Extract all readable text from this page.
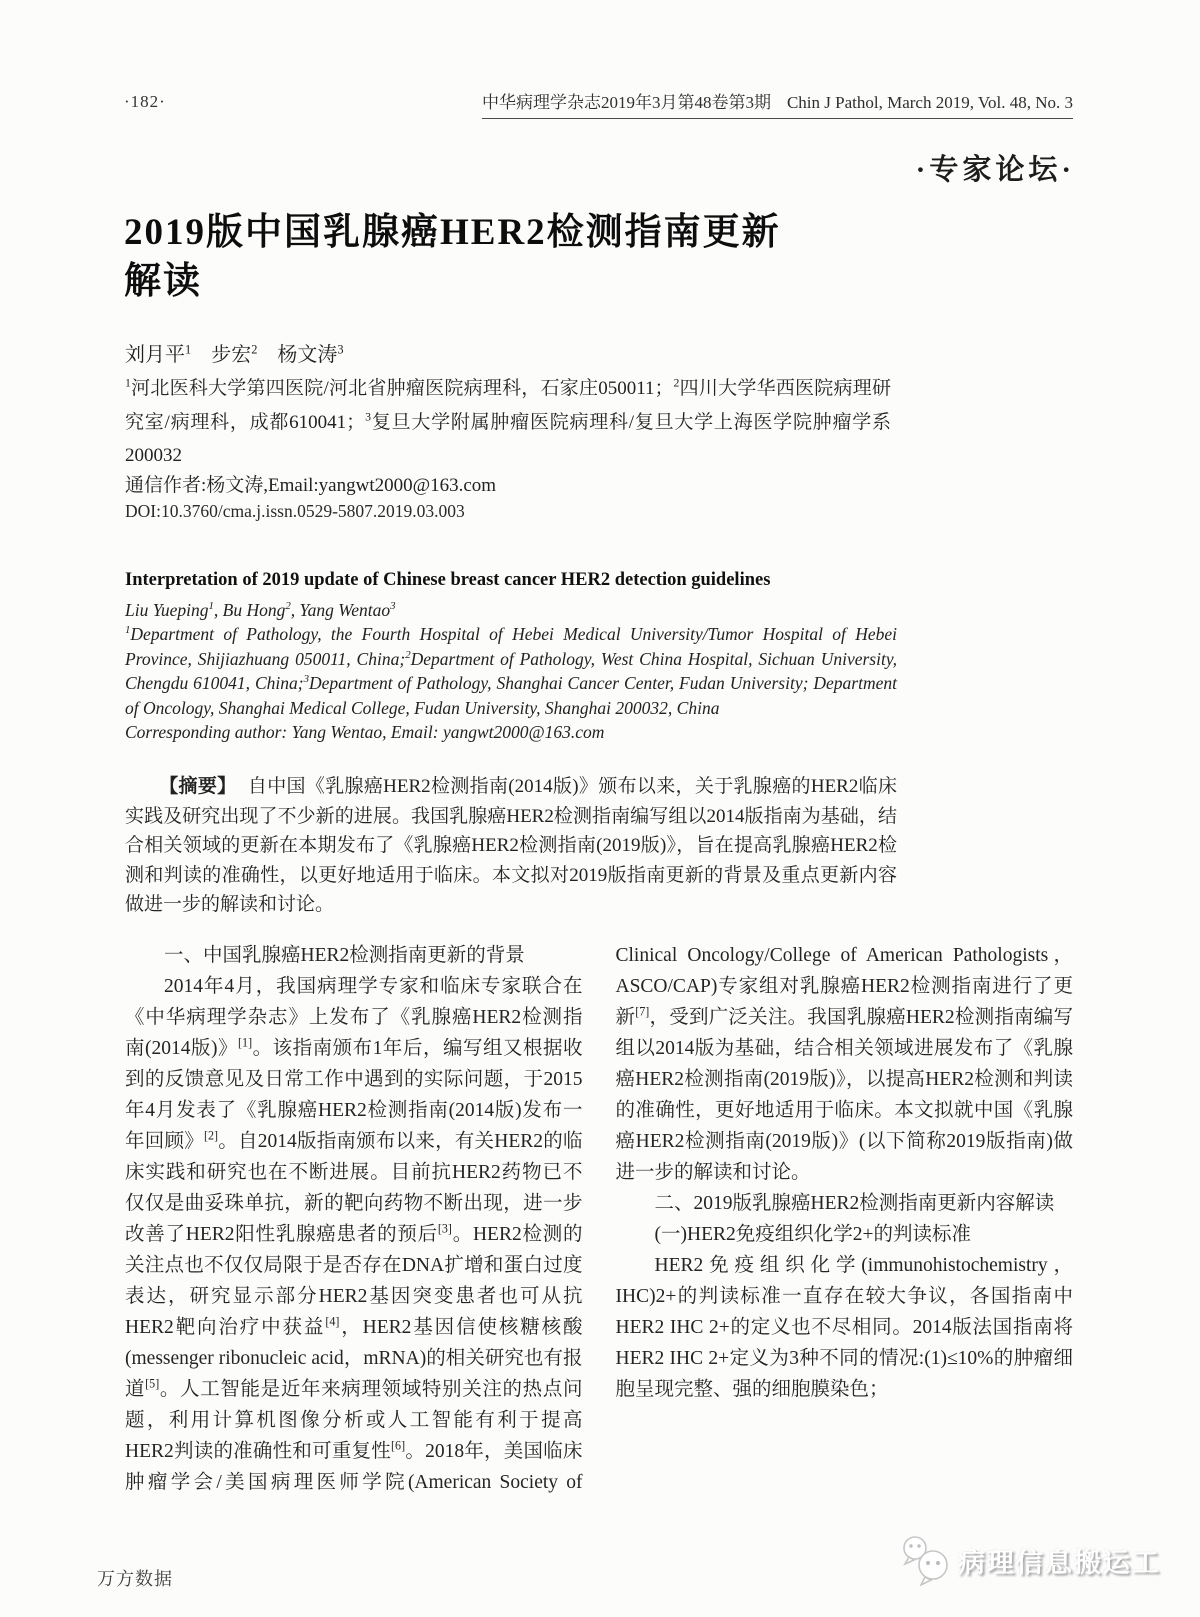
·182·	中华病理学杂志2019年3月第48卷第3期 Chin J Pathol, March 2019, Vol. 48, No. 3
·专家论坛·
2019版中国乳腺癌HER2检测指南更新
解读
刘月平$^1$　步宏$^2$　杨文涛$^3$
$^1$河北医科大学第四医院/河北省肿瘤医院病理科，石家庄050011；$^2$四川大学华西医院病理研究室/病理科，成都610041；$^3$复旦大学附属肿瘤医院病理科/复旦大学上海医学院肿瘤学系200032
通信作者:杨文涛,Email:yangwt2000@163.com
DOI:10.3760/cma.j.issn.0529-5807.2019.03.003
Interpretation of 2019 update of Chinese breast cancer HER2 detection guidelines
Liu Yueping$^1$, Bu Hong$^2$, Yang Wentao$^3$
$^1$Department of Pathology, the Fourth Hospital of Hebei Medical University/Tumor Hospital of Hebei Province, Shijiazhuang 050011, China;$^2$Department of Pathology, West China Hospital, Sichuan University, Chengdu 610041, China;$^3$Department of Pathology, Shanghai Cancer Center, Fudan University; Department of Oncology, Shanghai Medical College, Fudan University, Shanghai 200032, China
Corresponding author: Yang Wentao, Email: yangwt2000@163.com

【摘要】 自中国《乳腺癌HER2检测指南(2014版)》颁布以来，关于乳腺癌的HER2临床实践及研究出现了不少新的进展。我国乳腺癌HER2检测指南编写组以2014版指南为基础，结合相关领域的更新在本期发布了《乳腺癌HER2检测指南(2019版)》，旨在提高乳腺癌HER2检测和判读的准确性，以更好地适用于临床。本文拟对2019版指南更新的背景及重点更新内容做进一步的解读和讨论。

一、中国乳腺癌HER2检测指南更新的背景

2014年4月，我国病理学专家和临床专家联合在《中华病理学杂志》上发布了《乳腺癌HER2检测指南(2014版)》[1]。该指南颁布1年后，编写组又根据收到的反馈意见及日常工作中遇到的实际问题，于2015年4月发表了《乳腺癌HER2检测指南(2014版)发布一年回顾》[2]。自2014版指南颁布以来，有关HER2的临床实践和研究也在不断进展。目前抗HER2药物已不仅仅是曲妥珠单抗，新的靶向药物不断出现，进一步改善了HER2阳性乳腺癌患者的预后[3]。HER2检测的关注点也不仅仅局限于是否存在DNA扩增和蛋白过度表达，研究显示部分HER2基因突变患者也可从抗HER2靶向治疗中获益[4]，HER2基因信使核糖核酸(messenger ribonucleic acid，mRNA)的相关研究也有报道[5]。人工智能是近年来病理领域特别关注的热点问题，利用计算机图像分析或人工智能有利于提高HER2判读的准确性和可重复性[6]。2018年，美国临床肿瘤学会/美国病理医师学院(American Society of Clinical Oncology/College of American Pathologists，ASCO/CAP)专家组对乳腺癌HER2检测指南进行了更新[7]，受到广泛关注。我国乳腺癌HER2检测指南编写组以2014版为基础，结合相关领域进展发布了《乳腺癌HER2检测指南(2019版)》，以提高HER2检测和判读的准确性，更好地适用于临床。本文拟就中国《乳腺癌HER2检测指南(2019版)》(以下简称2019版指南)做进一步的解读和讨论。

二、2019版乳腺癌HER2检测指南更新内容解读

(一)HER2免疫组织化学2+的判读标准

HER2免疫组织化学(immunohistochemistry，IHC)2+的判读标准一直存在较大争议，各国指南中HER2 IHC 2+的定义也不尽相同。2014版法国指南将HER2 IHC 2+定义为3种不同的情况:(1)≤10%的肿瘤细胞呈现完整、强的细胞膜染色；

万方数据
病理信息搬运工
